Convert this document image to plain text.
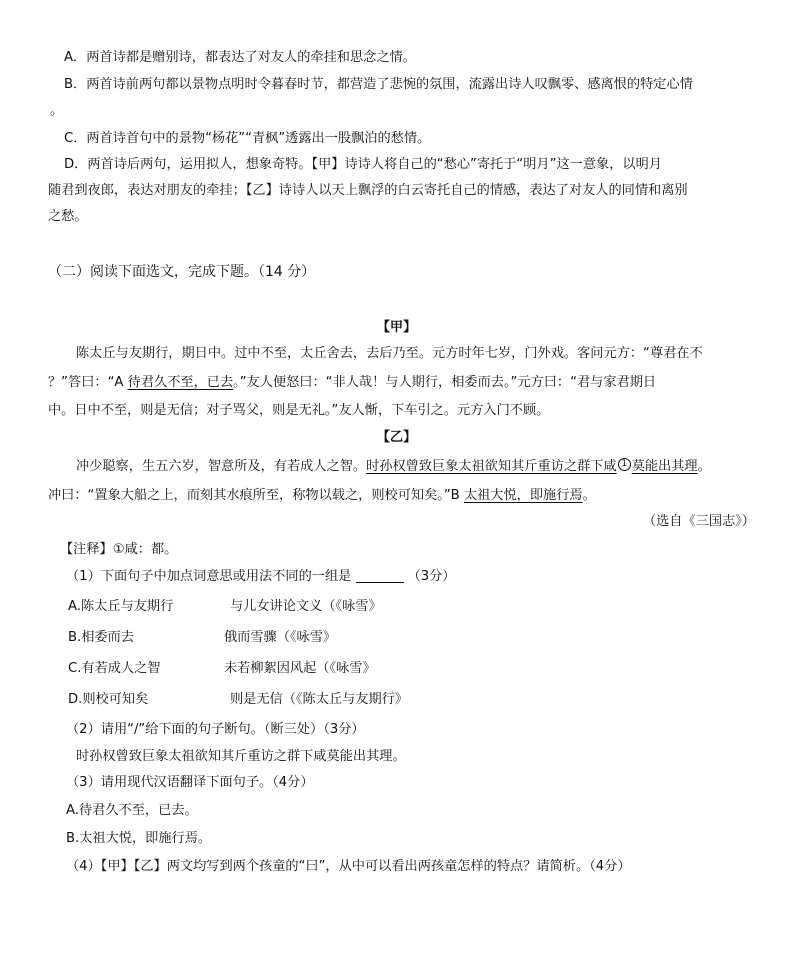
A．两首诗都是赠别诗，都表达了对友人的牵挂和思念之情。
B．两首诗前两句都以景物点明时令暮春时节，都营造了悲惋的氛围，流露出诗人叹飘零、感离恨的特定心情
。
C．两首诗首句中的景物“杨花”“青枫”透露出一股飘泊的愁情。
D．两首诗后两句，运用拟人，想象奇特。【甲】诗诗人将自己的“愁心”寄托于“明月”这一意象，以明月
随君到夜郎，表达对朋友的牵挂；【乙】诗诗人以天上飘浮的白云寄托自己的情感，表达了对友人的同情和离别
之愁。
（二）阅读下面选文，完成下题。（14 分）
【甲】
陈太丘与友期行，期日中。过中不至，太丘舍去，去后乃至。元方时年七岁，门外戏。客问元方：“尊君在不
？”答曰：“A 待君久不至，已去。”友人便怒曰：“非人哉！与人期行，相委而去。”元方曰：“君与家君期日
中。日中不至，则是无信；对子骂父，则是无礼。”友人惭，下车引之。元方入门不顾。
【乙】
冲少聪察，生五六岁，智意所及，有若成人之智。时孙权曾致巨象太祖欲知其斤重访之群下咸 1 莫能出其理。
冲曰：“置象大船之上，而刻其水痕所至，称物以载之，则校可知矣。”B 太祖大悦，即施行焉。
（选自《三国志》）
【注释】①咸：都。
（1）下面句子中加点词意思或用法不同的一组是	（3分）
A.陈太丘与友期行	与儿女讲论文义（《咏雪》
B.相委而去	俄而雪骤（《咏雪》
C.有若成人之智	未若柳絮因风起（《咏雪》
D.则校可知矣	则是无信（《陈太丘与友期行》
（2）请用“/”给下面的句子断句。（断三处）（3分）
时孙权曾致巨象太祖欲知其斤重访之群下咸莫能出其理。
（3）请用现代汉语翻译下面句子。（4分）
A.待君久不至，已去。
B.太祖大悦，即施行焉。
（4）【甲】【乙】两文均写到两个孩童的“曰”，从中可以看出两孩童怎样的特点？请简析。（4分）
